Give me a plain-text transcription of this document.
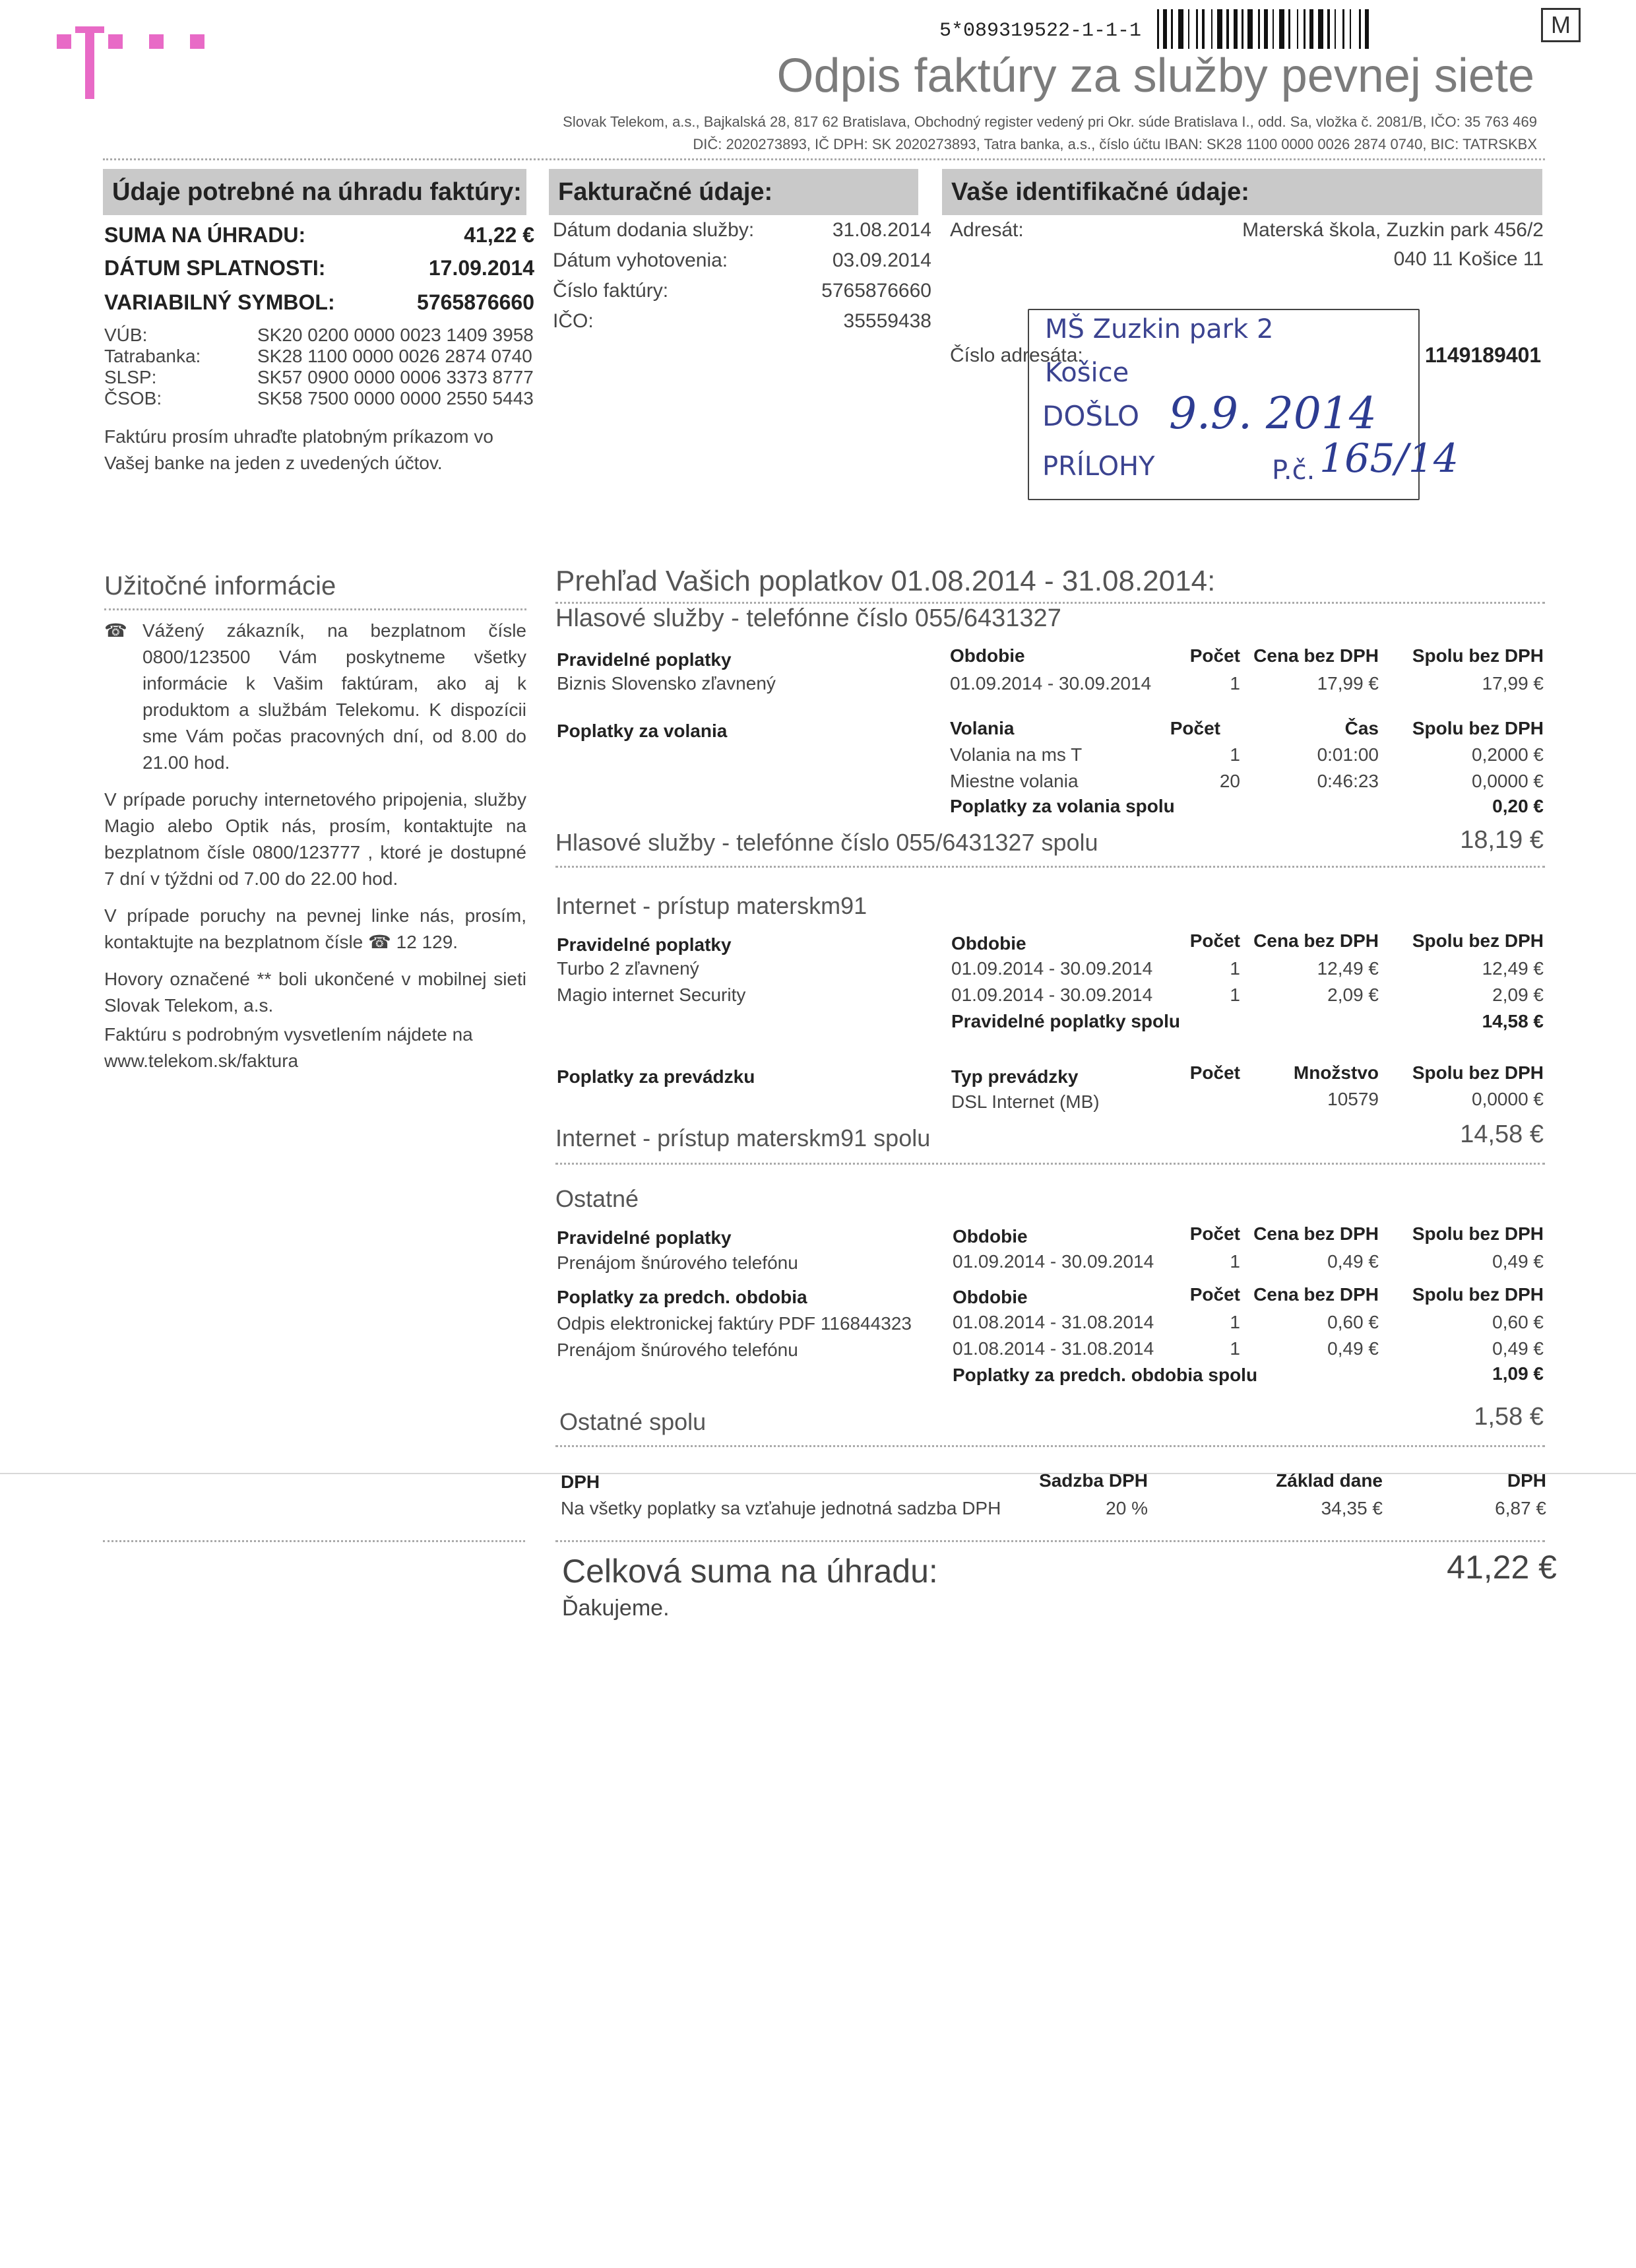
T
5*089319522-1-1-1	M
Odpis faktúry za služby pevnej siete
Slovak Telekom, a.s., Bajkalská 28, 817 62 Bratislava, Obchodný register vedený pri Okr. súde Bratislava I., odd. Sa, vložka č. 2081/B, IČO: 35 763 469
DIČ: 2020273893, IČ DPH: SK 2020273893, Tatra banka, a.s., číslo účtu IBAN: SK28 1100 0000 0026 2874 0740, BIC: TATRSKBX
Údaje potrebné na úhradu faktúry:
SUMA NA ÚHRADU:	41,22 €
DÁTUM SPLATNOSTI:	17.09.2014
VARIABILNÝ SYMBOL:	5765876660
VÚB:	SK20 0200 0000 0023 1409 3958
Tatrabanka:	SK28 1100 0000 0026 2874 0740
SLSP:	SK57 0900 0000 0006 3373 8777
ČSOB:	SK58 7500 0000 0000 2550 5443
Faktúru prosím uhraďte platobným príkazom vo Vašej banke na jeden z uvedených účtov.
Fakturačné údaje:
Dátum dodania služby:	31.08.2014
Dátum vyhotovenia:	03.09.2014
Číslo faktúry:	5765876660
IČO:	35559438
Vaše identifikačné údaje:
Adresát:	Materská škola, Zuzkin park 456/2
040 11 Košice 11
Číslo adresáta:	1149189401
MŠ Zuzkin park 2
Košice
DOŠLO 9.9. 2014
PRÍLOHY	P.č. 165/14
Užitočné informácie
☎ Vážený zákazník, na bezplatnom čísle 0800/123500 Vám poskytneme všetky informácie k Vašim faktúram, ako aj k produktom a službám Telekomu. K dispozícii sme Vám počas pracovných dní, od 8.00 do 21.00 hod.
V prípade poruchy internetového pripojenia, služby Magio alebo Optik nás, prosím, kontaktujte na bezplatnom čísle 0800/123777 , ktoré je dostupné 7 dní v týždni od 7.00 do 22.00 hod.
V prípade poruchy na pevnej linke nás, prosím, kontaktujte na bezplatnom čísle ☎ 12 129.
Hovory označené ** boli ukončené v mobilnej sieti Slovak Telekom, a.s.
Faktúru s podrobným vysvetlením nájdete na www.telekom.sk/faktura
Prehľad Vašich poplatkov 01.08.2014 - 31.08.2014:
Hlasové služby - telefónne číslo 055/6431327
Pravidelné poplatky	Obdobie	Počet Cena bez DPH	Spolu bez DPH
Biznis Slovensko zľavnený	01.09.2014 - 30.09.2014	1	17,99 €	17,99 €
Poplatky za volania	Volania	Počet	Čas	Spolu bez DPH
Volania na ms T	1	0:01:00	0,2000 €
Miestne volania	20	0:46:23	0,0000 €
Poplatky za volania spolu	0,20 €
Hlasové služby - telefónne číslo 055/6431327 spolu	18,19 €
Internet - prístup materskm91
Pravidelné poplatky	Obdobie	Počet Cena bez DPH	Spolu bez DPH
Turbo 2 zľavnený	01.09.2014 - 30.09.2014	1	12,49 €	12,49 €
Magio internet Security	01.09.2014 - 30.09.2014	1	2,09 €	2,09 €
Pravidelné poplatky spolu	14,58 €
Poplatky za prevádzku	Typ prevádzky	Počet	Množstvo	Spolu bez DPH
DSL Internet (MB)	10579	0,0000 €
Internet - prístup materskm91 spolu	14,58 €
Ostatné
Pravidelné poplatky	Obdobie	Počet Cena bez DPH	Spolu bez DPH
Prenájom šnúrového telefónu	01.09.2014 - 30.09.2014	1	0,49 €	0,49 €
Poplatky za predch. obdobia	Obdobie	Počet Cena bez DPH	Spolu bez DPH
Odpis elektronickej faktúry PDF 116844323 01.08.2014 - 31.08.2014	1	0,60 €	0,60 €
Prenájom šnúrového telefónu	01.08.2014 - 31.08.2014	1	0,49 €	0,49 €
Poplatky za predch. obdobia spolu	1,09 €
Ostatné spolu	1,58 €
DPH	Sadzba DPH	Základ dane	DPH
Na všetky poplatky sa vzťahuje jednotná sadzba DPH	20 %	34,35 €	6,87 €
Celková suma na úhradu:	41,22 €
Ďakujeme.
